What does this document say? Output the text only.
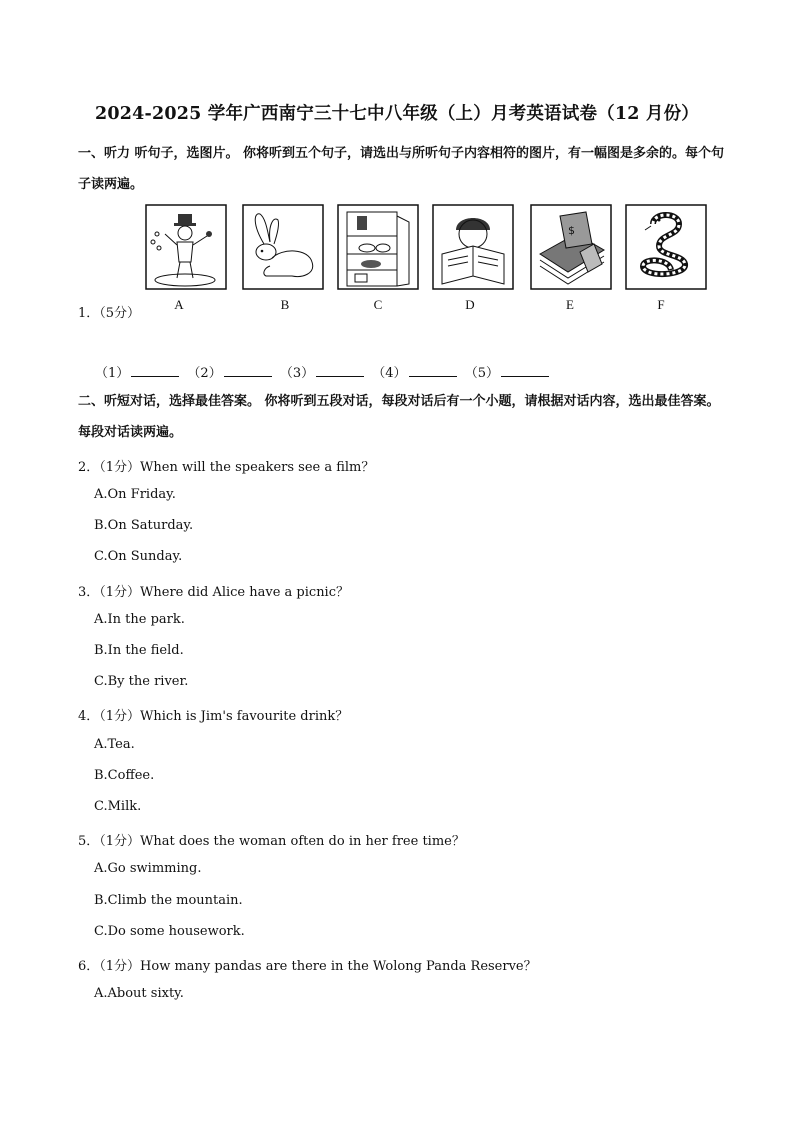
2024-2025 学年广西南宁三十七中八年级（上）月考英语试卷（12 月份）
一、听力 听句子，选图片。 你将听到五个句子，请选出与所听句子内容相符的图片，有一幅图是多余的。每个句子读两遍。
$
A	B	C	D	E	F
1．（5分）
（1）	（2）	（3）	（4）	（5）
二、听短对话，选择最佳答案。 你将听到五段对话，每段对话后有一个小题，请根据对话内容，选出最佳答案。每段对话读两遍。
2．（1分）When will the speakers see a film？
A.On Friday.
B.On Saturday.
C.On Sunday.
3．（1分）Where did Alice have a picnic？
A.In the park.
B.In the field.
C.By the river.
4．（1分）Which is Jim's favourite drink？
A.Tea.
B.Coffee.
C.Milk.
5．（1分）What does the woman often do in her free time？
A.Go swimming.
B.Climb the mountain.
C.Do some housework.
6．（1分）How many pandas are there in the Wolong Panda Reserve？
A.About sixty.
